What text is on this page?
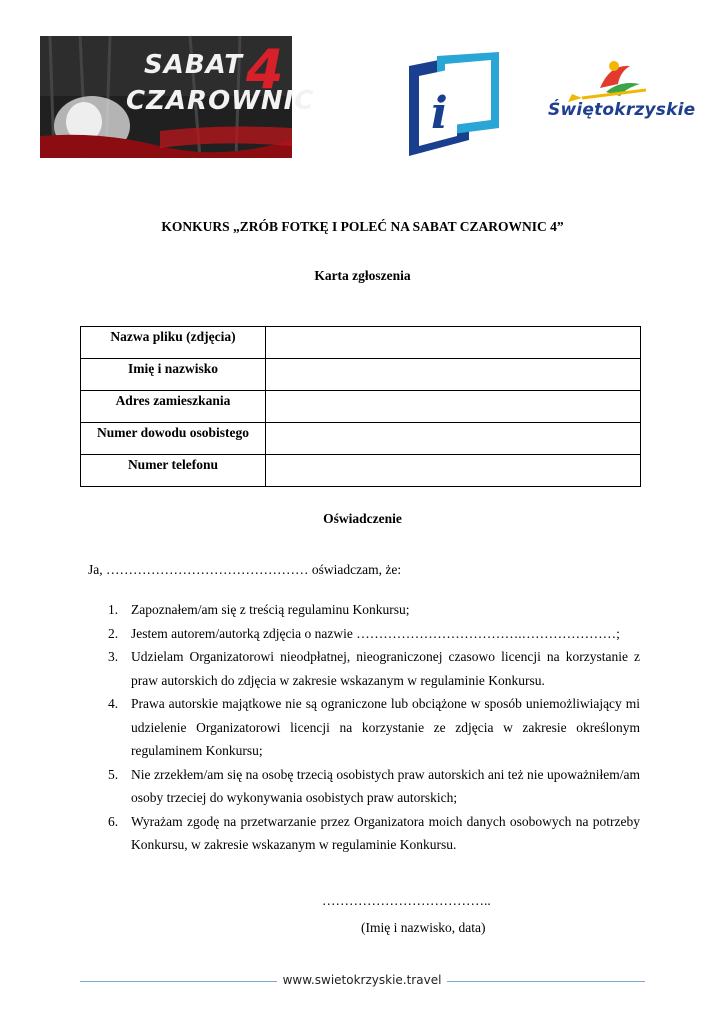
SABAT
CZAROWNIC
4
i	Świętokrzyskie
KONKURS „ZRÓB FOTKĘ I POLEĆ NA SABAT CZAROWNIC 4”
Karta zgłoszenia
Nazwa pliku (zdjęcia)	
Imię i nazwisko	
Adres zamieszkania	
Numer dowodu osobistego	
Numer telefonu	
Oświadczenie
Ja, ……………………………………… oświadczam, że:
1. Zapoznałem/am się z treścią regulaminu Konkursu;
2. Jestem autorem/autorką zdjęcia o nazwie ……………………………….…………………;
3. Udzielam Organizatorowi nieodpłatnej, nieograniczonej czasowo licencji na korzystanie z praw autorskich do zdjęcia w zakresie wskazanym w regulaminie Konkursu.
4. Prawa autorskie majątkowe nie są ograniczone lub obciążone w sposób uniemożliwiający mi udzielenie Organizatorowi licencji na korzystanie ze zdjęcia w zakresie określonym regulaminem Konkursu;
5. Nie zrzekłem/am się na osobę trzecią osobistych praw autorskich ani też nie upoważniłem/am osoby trzeciej do wykonywania osobistych praw autorskich;
6. Wyrażam zgodę na przetwarzanie przez Organizatora moich danych osobowych na potrzeby Konkursu, w zakresie wskazanym w regulaminie Konkursu.
………………………………..
(Imię i nazwisko, data)
www.swietokrzyskie.travel
